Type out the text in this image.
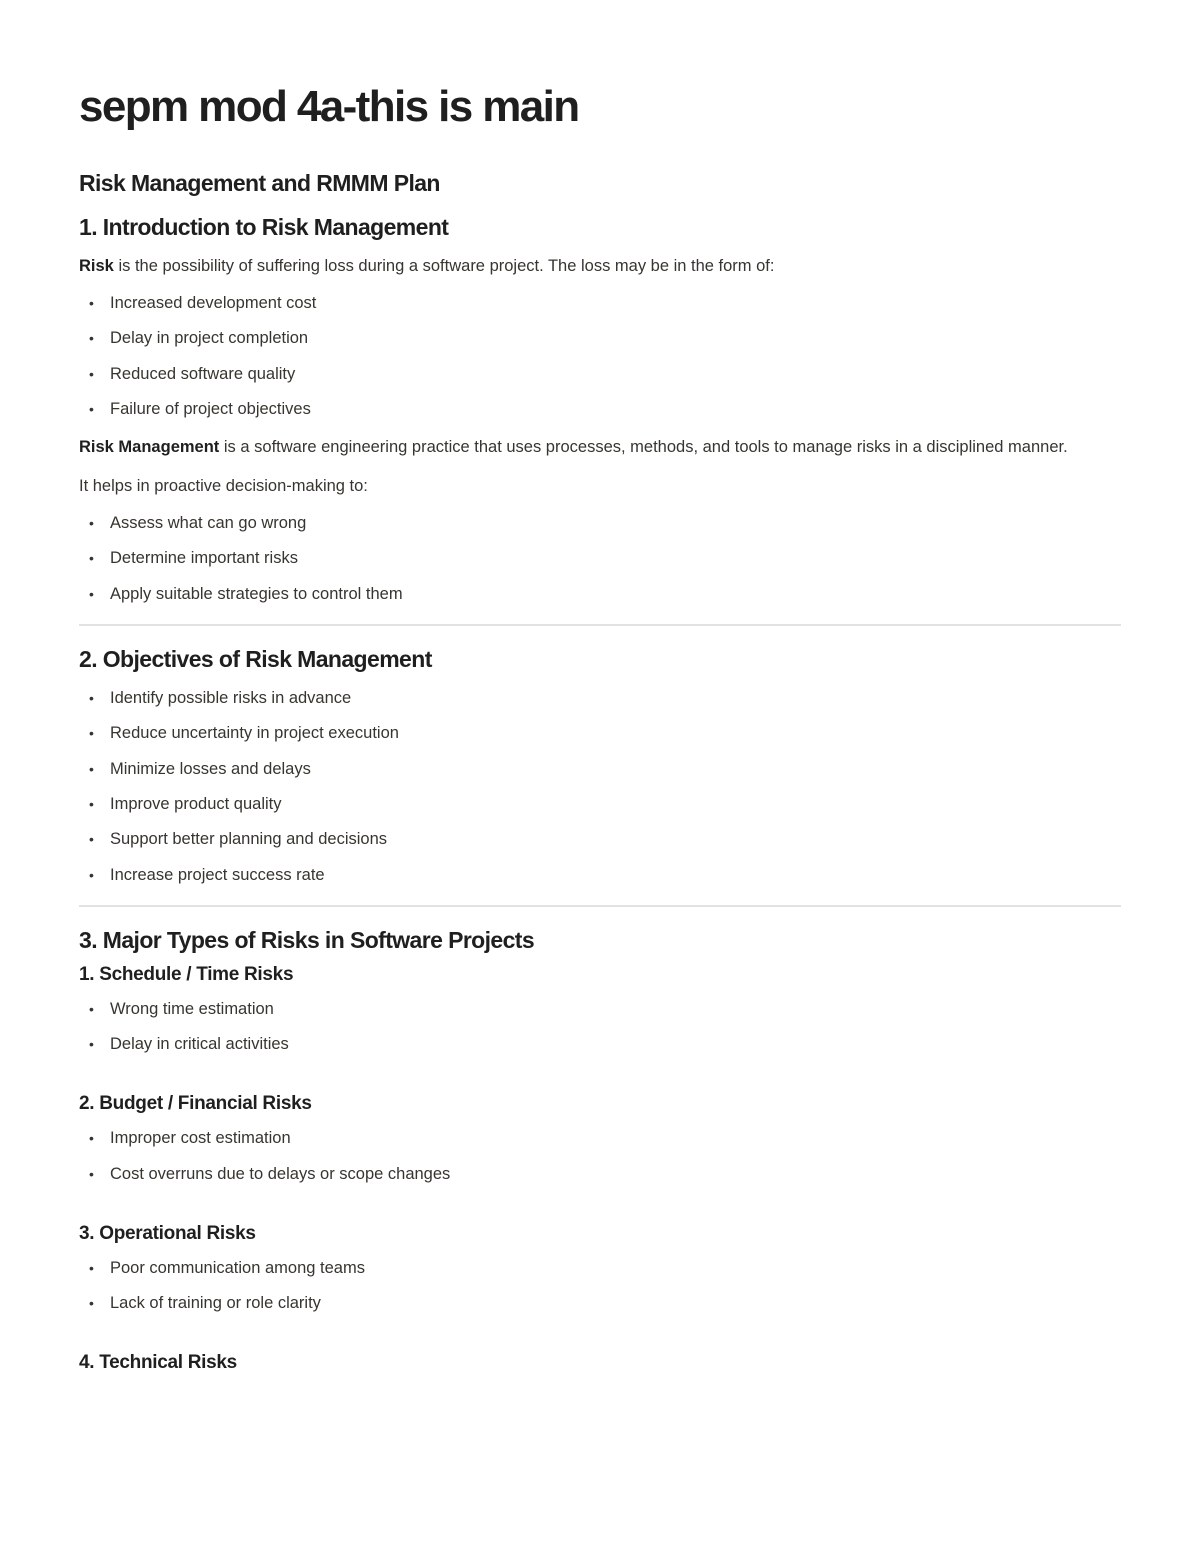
sepm mod 4a-this is main
Risk Management and RMMM Plan
1. Introduction to Risk Management

Risk is the possibility of suffering loss during a software project. The loss may be in the form of:

• Increased development cost
• Delay in project completion
• Reduced software quality
• Failure of project objectives

Risk Management is a software engineering practice that uses processes, methods, and tools to manage risks in a disciplined manner.

It helps in proactive decision-making to:

• Assess what can go wrong
• Determine important risks
• Apply suitable strategies to control them
2. Objectives of Risk Management
• Identify possible risks in advance
• Reduce uncertainty in project execution
• Minimize losses and delays
• Improve product quality
• Support better planning and decisions
• Increase project success rate
3. Major Types of Risks in Software Projects
1. Schedule / Time Risks
• Wrong time estimation
• Delay in critical activities
2. Budget / Financial Risks
• Improper cost estimation
• Cost overruns due to delays or scope changes
3. Operational Risks
• Poor communication among teams
• Lack of training or role clarity
4. Technical Risks
